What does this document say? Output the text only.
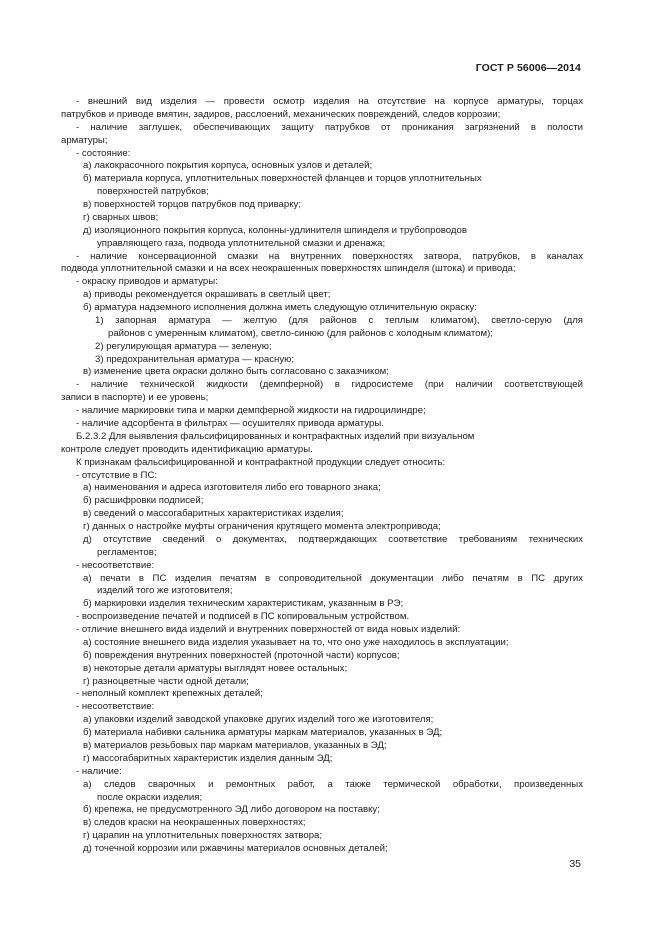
ГОСТ Р 56006—2014
- внешний вид изделия — провести осмотр изделия на отсутствие на корпусе арматуры, торцах
патрубков и приводе вмятин, задиров, расслоений, механических повреждений, следов коррозии;
- наличие заглушек, обеспечивающих защиту патрубков от проникания загрязнений в полости
арматуры;
- состояние:
а) лакокрасочного покрытия корпуса, основных узлов и деталей;
б) материала корпуса, уплотнительных поверхностей фланцев и торцов уплотнительных
поверхностей патрубков;
в) поверхностей торцов патрубков под приварку;
г) сварных швов;
д) изоляционного покрытия корпуса, колонны-удлинителя шпинделя и трубопроводов
управляющего газа, подвода уплотнительной смазки и дренажа;
- наличие консервационной смазки на внутренних поверхностях затвора, патрубков, в каналах
подвода уплотнительной смазки и на всех неокрашенных поверхностях шпинделя (штока) и привода;
- окраску приводов и арматуры:
а) приводы рекомендуется окрашивать в светлый цвет;
б) арматура надземного исполнения должна иметь следующую отличительную окраску:
1) запорная арматура — желтую (для районов с теплым климатом), светло-серую (для
районов с умеренным климатом), светло-синюю (для районов с холодным климатом);
2) регулирующая арматура — зеленую;
3) предохранительная арматура — красную;
в) изменение цвета окраски должно быть согласовано с заказчиком;
- наличие технической жидкости (демпферной) в гидросистеме (при наличии соответствующей
записи в паспорте) и ее уровень;
- наличие маркировки типа и марки демпферной жидкости на гидроцилиндре;
- наличие адсорбента в фильтрах — осушителях привода арматуры.
Б.2.3.2 Для выявления фальсифицированных и контрафактных изделий при визуальном
контроле следует проводить идентификацию арматуры.
К признакам фальсифицированной и контрафактной продукции следует относить:
- отсутствие в ПС:
а) наименования и адреса изготовителя либо его товарного знака;
б) расшифровки подписей;
в) сведений о массогабаритных характеристиках изделия;
г) данных о настройке муфты ограничения крутящего момента электропривода;
д) отсутствие сведений о документах, подтверждающих соответствие требованиям технических
регламентов;
- несоответствие:
а) печати в ПС изделия печатям в сопроводительной документации либо печатям в ПС других
изделий того же изготовителя;
б) маркировки изделия техническим характеристикам, указанным в РЭ;
- воспроизведение печатей и подписей в ПС копировальным устройством.
- отличие внешнего вида изделий и внутренних поверхностей от вида новых изделий:
а) состояние внешнего вида изделия указывает на то, что оно уже находилось в эксплуатации;
б) повреждения внутренних поверхностей (проточной части) корпусов;
в) некоторые детали арматуры выглядят новее остальных;
г) разноцветные части одной детали;
- неполный комплект крепежных деталей;
- несоответствие:
а) упаковки изделий заводской упаковке других изделий того же изготовителя;
б) материала набивки сальника арматуры маркам материалов, указанных в ЭД;
в) материалов резьбовых пар маркам материалов, указанных в ЭД;
г) массогабаритных характеристик изделия данным ЭД;
- наличие:
а) следов сварочных и ремонтных работ, а также термической обработки, произведенных
после окраски изделия;
б) крепежа, не предусмотренного ЭД либо договором на поставку;
в) следов краски на неокрашенных поверхностях;
г) царапин на уплотнительных поверхностях затвора;
д) точечной коррозии или ржавчины материалов основных деталей;
35
